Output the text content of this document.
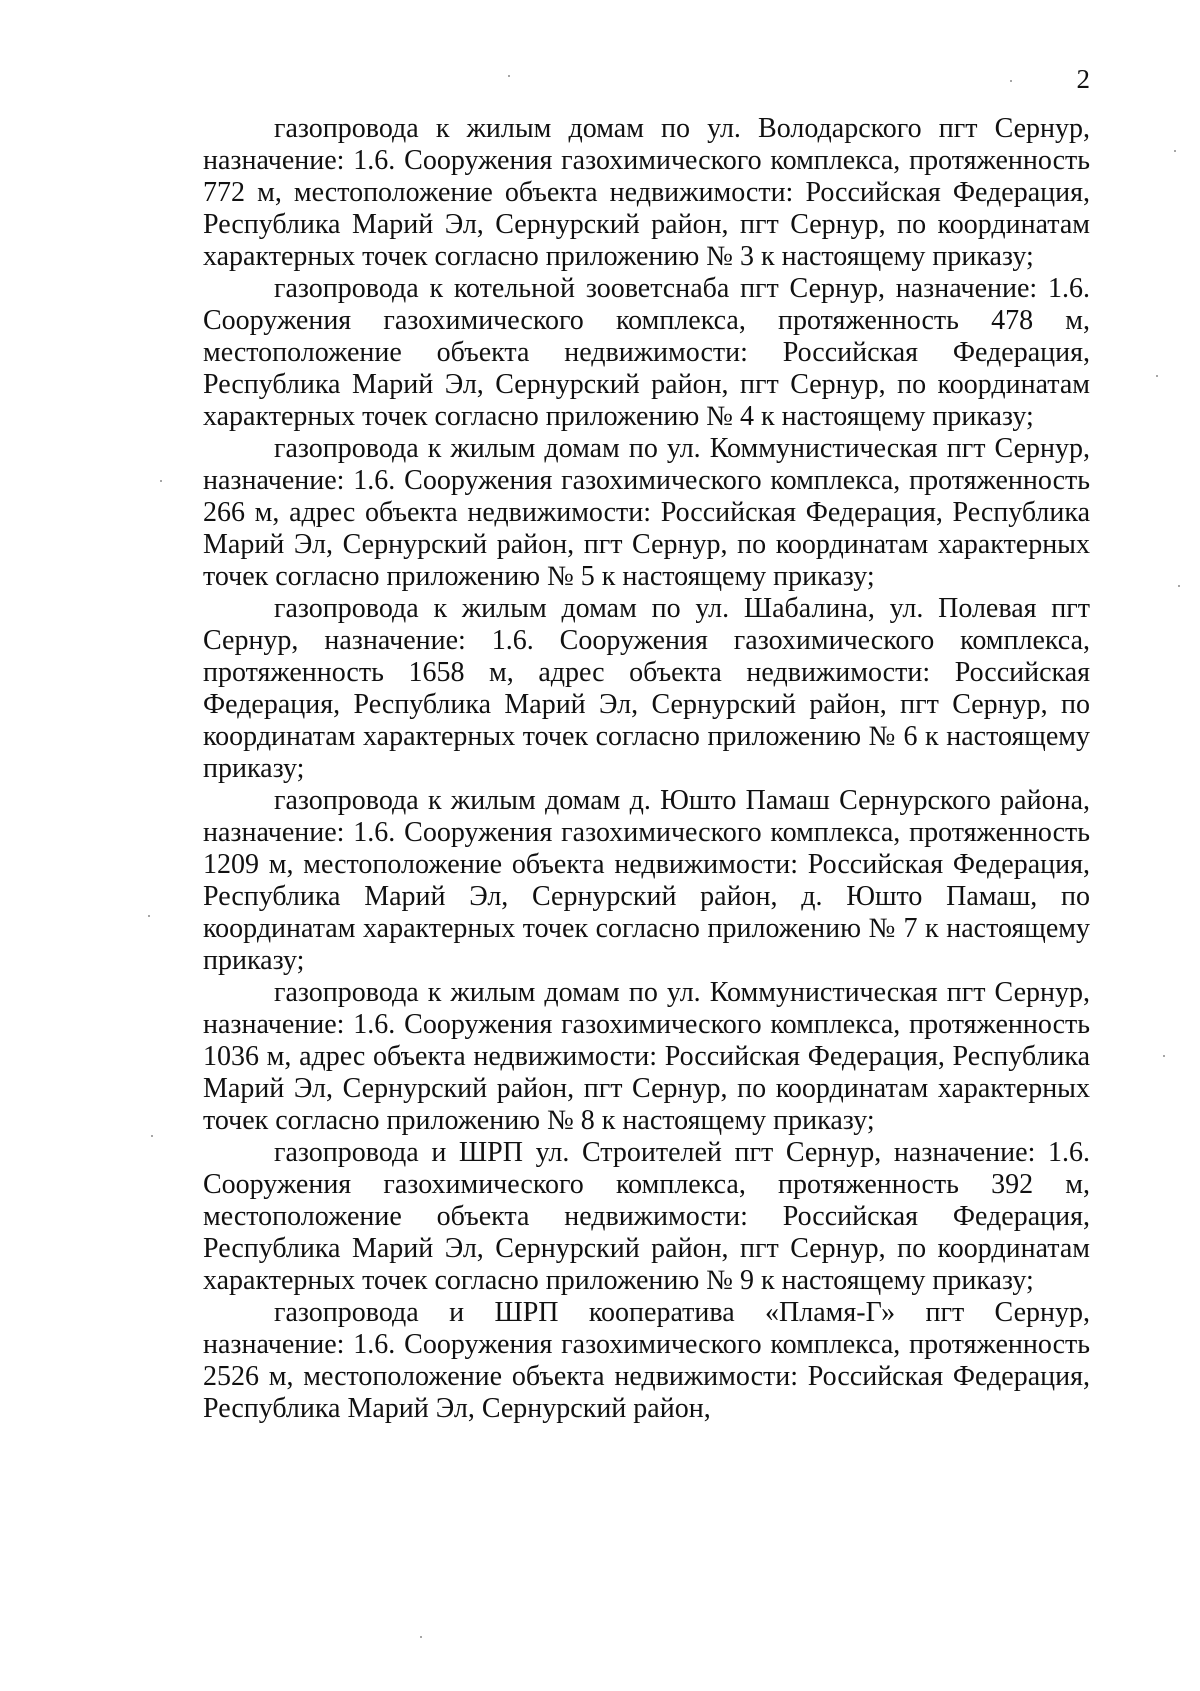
2

газопровода к жилым домам по ул. Володарского пгт Сернур, назначение: 1.6. Сооружения газохимического комплекса, протяженность 772 м, местоположение объекта недвижимости: Российская Федерация, Республика Марий Эл, Сернурский район, пгт Сернур, по координатам характерных точек согласно приложению № 3 к настоящему приказу;

газопровода к котельной зооветснаба пгт Сернур, назначение: 1.6. Сооружения газохимического комплекса, протяженность 478 м, местоположение объекта недвижимости: Российская Федерация, Республика Марий Эл, Сернурский район, пгт Сернур, по координатам характерных точек согласно приложению № 4 к настоящему приказу;

газопровода к жилым домам по ул. Коммунистическая пгт Сернур, назначение: 1.6. Сооружения газохимического комплекса, протяженность 266 м, адрес объекта недвижимости: Российская Федерация, Республика Марий Эл, Сернурский район, пгт Сернур, по координатам характерных точек согласно приложению № 5 к настоящему приказу;

газопровода к жилым домам по ул. Шабалина, ул. Полевая пгт Сернур, назначение: 1.6. Сооружения газохимического комплекса, протяженность 1658 м, адрес объекта недвижимости: Российская Федерация, Республика Марий Эл, Сернурский район, пгт Сернур, по координатам характерных точек согласно приложению № 6 к настоящему приказу;

газопровода к жилым домам д. Юшто Памаш Сернурского района, назначение: 1.6. Сооружения газохимического комплекса, протяженность 1209 м, местоположение объекта недвижимости: Российская Федерация, Республика Марий Эл, Сернурский район, д. Юшто Памаш, по координатам характерных точек согласно приложению № 7 к настоящему приказу;

газопровода к жилым домам по ул. Коммунистическая пгт Сернур, назначение: 1.6. Сооружения газохимического комплекса, протяженность 1036 м, адрес объекта недвижимости: Российская Федерация, Республика Марий Эл, Сернурский район, пгт Сернур, по координатам характерных точек согласно приложению № 8 к настоящему приказу;

газопровода и ШРП ул. Строителей пгт Сернур, назначение: 1.6. Сооружения газохимического комплекса, протяженность 392 м, местоположение объекта недвижимости: Российская Федерация, Республика Марий Эл, Сернурский район, пгт Сернур, по координатам характерных точек согласно приложению № 9 к настоящему приказу;

газопровода и ШРП кооператива «Пламя-Г» пгт Сернур, назначение: 1.6. Сооружения газохимического комплекса, протяженность 2526 м, местоположение объекта недвижимости: Российская Федерация, Республика Марий Эл, Сернурский район,
